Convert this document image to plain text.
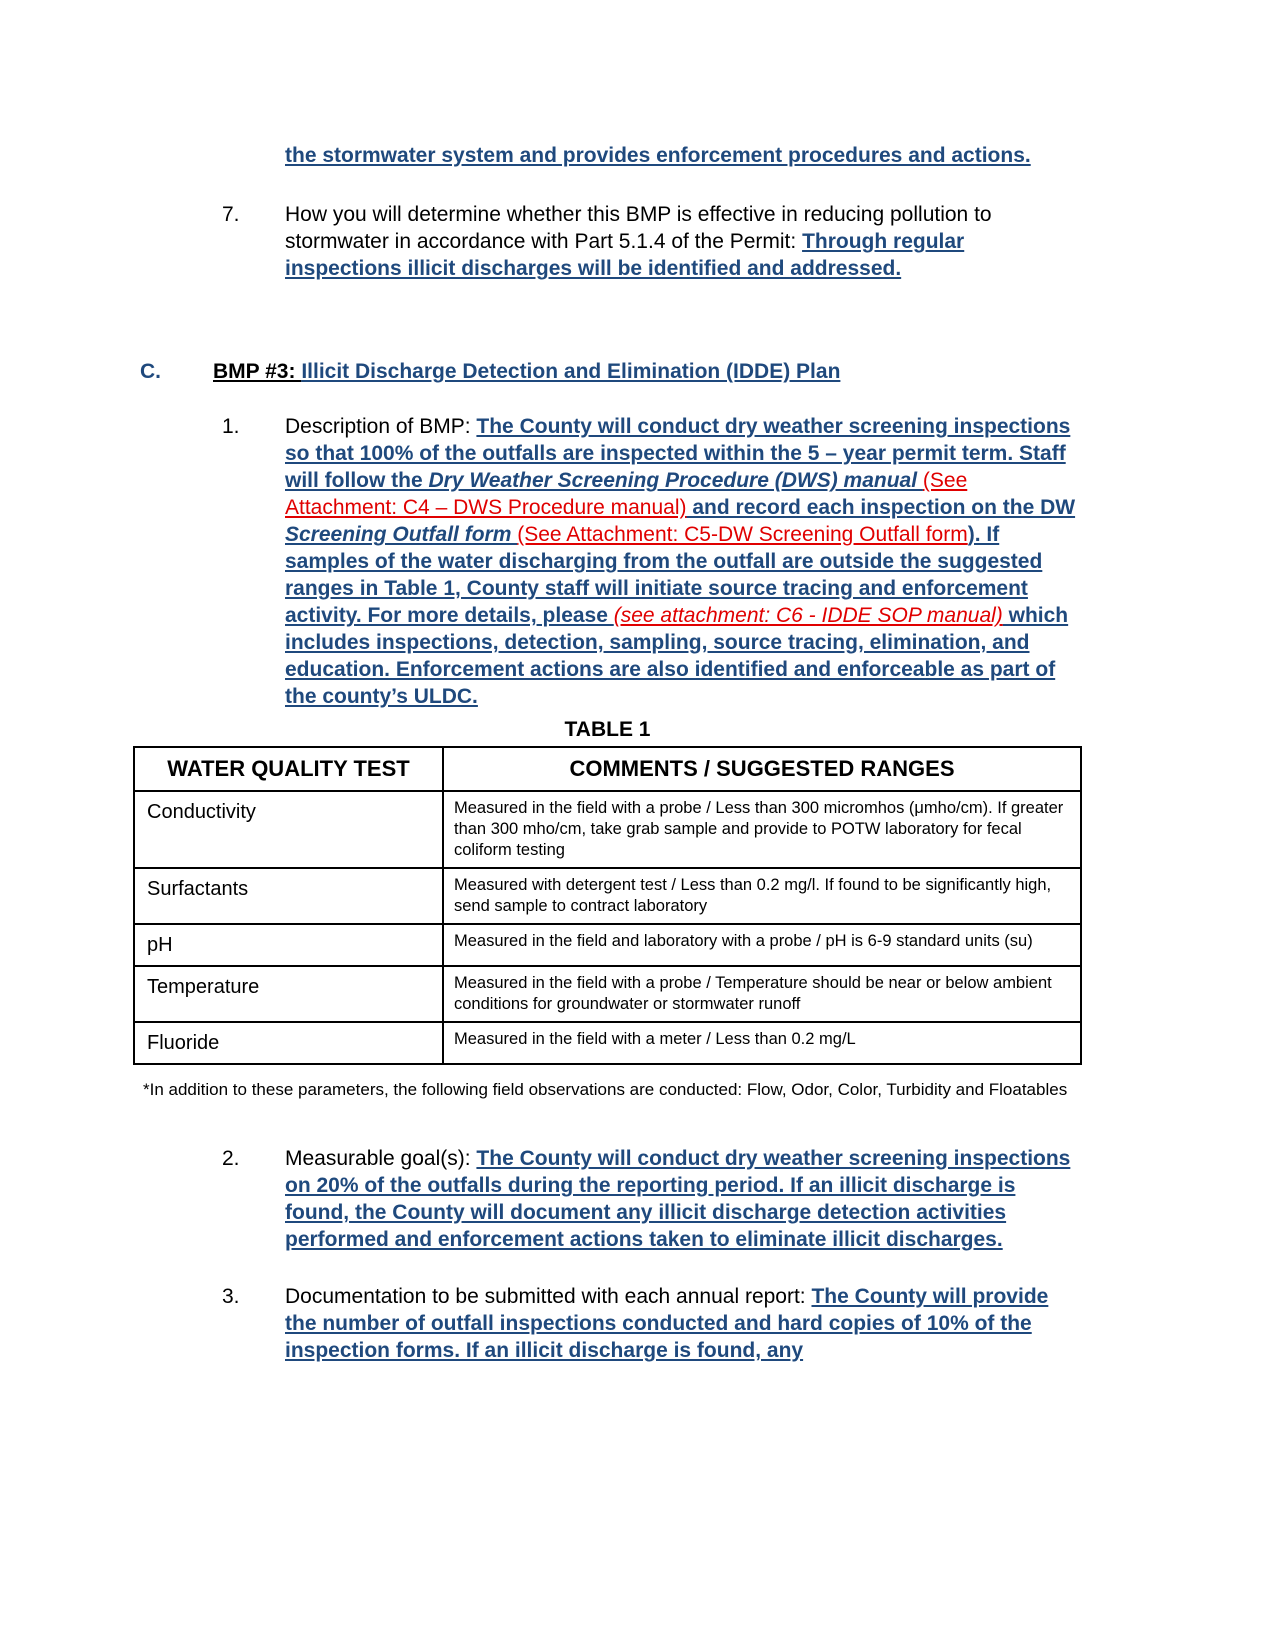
the stormwater system and provides enforcement procedures and actions.

7.	How you will determine whether this BMP is effective in reducing pollution to stormwater in accordance with Part 5.1.4 of the Permit: Through regular inspections illicit discharges will be identified and addressed.
C.	BMP #3: Illicit Discharge Detection and Elimination (IDDE) Plan
1.	Description of BMP: The County will conduct dry weather screening inspections so that 100% of the outfalls are inspected within the 5 – year permit term. Staff will follow the Dry Weather Screening Procedure (DWS) manual (See Attachment: C4 – DWS Procedure manual) and record each inspection on the DW Screening Outfall form (See Attachment: C5-DW Screening Outfall form). If samples of the water discharging from the outfall are outside the suggested ranges in Table 1, County staff will initiate source tracing and enforcement activity. For more details, please (see attachment: C6 - IDDE SOP manual) which includes inspections, detection, sampling, source tracing, elimination, and education. Enforcement actions are also identified and enforceable as part of the county’s ULDC.
TABLE 1
WATER QUALITY TEST	COMMENTS / SUGGESTED RANGES
Conductivity	Measured in the field with a probe / Less than 300 micromhos (μmho/cm). If greater than 300 mho/cm, take grab sample and provide to POTW laboratory for fecal coliform testing
Surfactants	Measured with detergent test / Less than 0.2 mg/l. If found to be significantly high, send sample to contract laboratory
pH	Measured in the field and laboratory with a probe / pH is 6-9 standard units (su)
Temperature	Measured in the field with a probe / Temperature should be near or below ambient conditions for groundwater or stormwater runoff
Fluoride	Measured in the field with a meter / Less than 0.2 mg/L

*In addition to these parameters, the following field observations are conducted: Flow, Odor, Color, Turbidity and Floatables

2.	Measurable goal(s): The County will conduct dry weather screening inspections on 20% of the outfalls during the reporting period. If an illicit discharge is found, the County will document any illicit discharge detection activities performed and enforcement actions taken to eliminate illicit discharges.
3.	Documentation to be submitted with each annual report: The County will provide the number of outfall inspections conducted and hard copies of 10% of the inspection forms. If an illicit discharge is found, any
